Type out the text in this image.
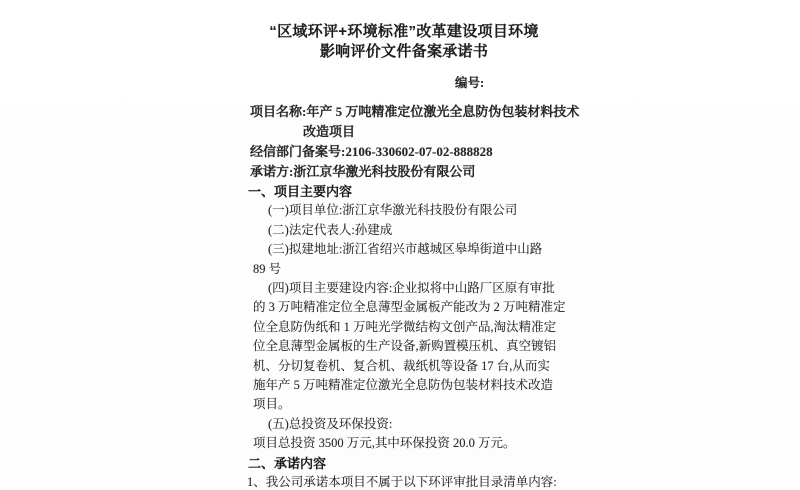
“区域环评+环境标准”改革建设项目环境
影响评价文件备案承诺书
编号:
项目名称:年产 5 万吨精准定位激光全息防伪包装材料技术
改造项目
经信部门备案号:2106-330602-07-02-888828
承诺方:浙江京华激光科技股份有限公司
一、项目主要内容
(一)项目单位:浙江京华激光科技股份有限公司
(二)法定代表人:孙建成
(三)拟建地址:浙江省绍兴市越城区皋埠街道中山路
89 号
(四)项目主要建设内容:企业拟将中山路厂区原有审批
的 3 万吨精准定位全息薄型金属板产能改为 2 万吨精准定
位全息防伪纸和 1 万吨光学微结构文创产品,淘汰精准定
位全息薄型金属板的生产设备,新购置模压机、真空镀铝
机、分切复卷机、复合机、裁纸机等设备 17 台,从而实
施年产 5 万吨精准定位激光全息防伪包装材料技术改造
项目。
(五)总投资及环保投资:
项目总投资 3500 万元,其中环保投资 20.0 万元。
二、承诺内容
1、我公司承诺本项目不属于以下环评审批目录清单内容:
